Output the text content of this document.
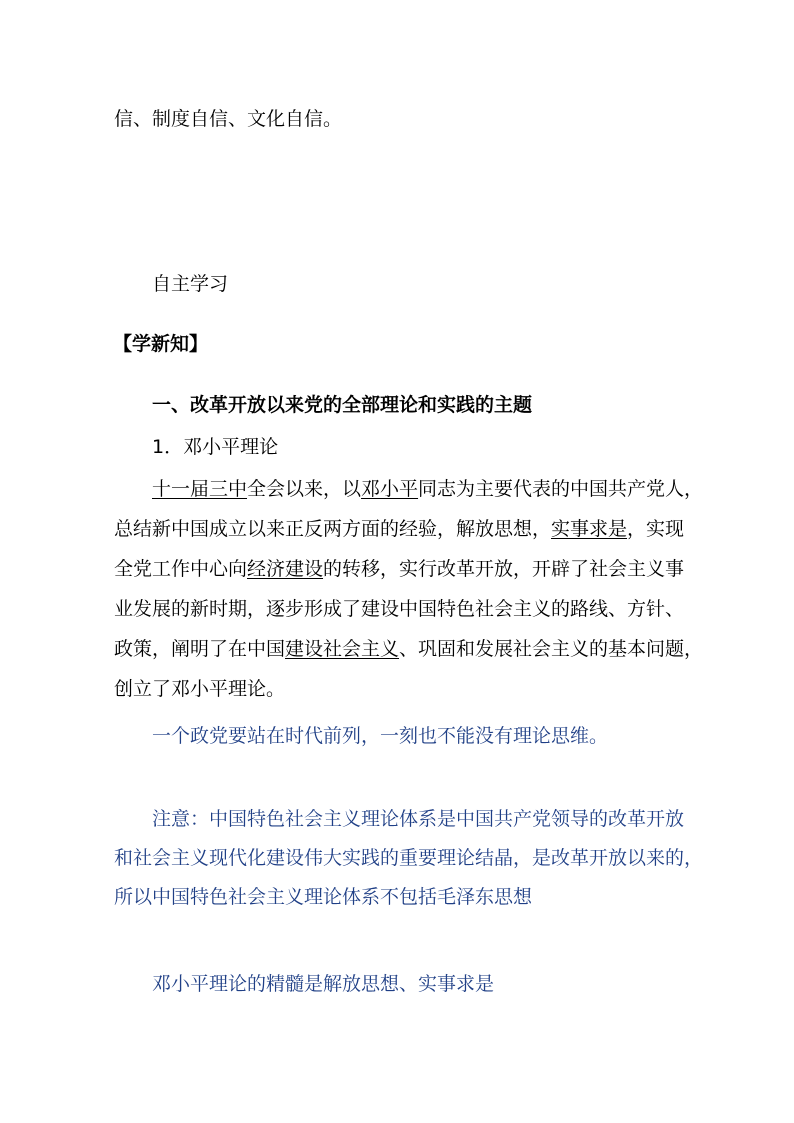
信、制度自信、文化自信。
自主学习
【学新知】
一、改革开放以来党的全部理论和实践的主题
1．邓小平理论
十一届三中全会以来，以邓小平同志为主要代表的中国共产党人，
总结新中国成立以来正反两方面的经验，解放思想，实事求是，实现
全党工作中心向经济建设的转移，实行改革开放，开辟了社会主义事
业发展的新时期，逐步形成了建设中国特色社会主义的路线、方针、
政策，阐明了在中国建设社会主义、巩固和发展社会主义的基本问题，
创立了邓小平理论。
一个政党要站在时代前列，一刻也不能没有理论思维。
注意：中国特色社会主义理论体系是中国共产党领导的改革开放
和社会主义现代化建设伟大实践的重要理论结晶，是改革开放以来的，
所以中国特色社会主义理论体系不包括毛泽东思想
邓小平理论的精髓是解放思想、实事求是
